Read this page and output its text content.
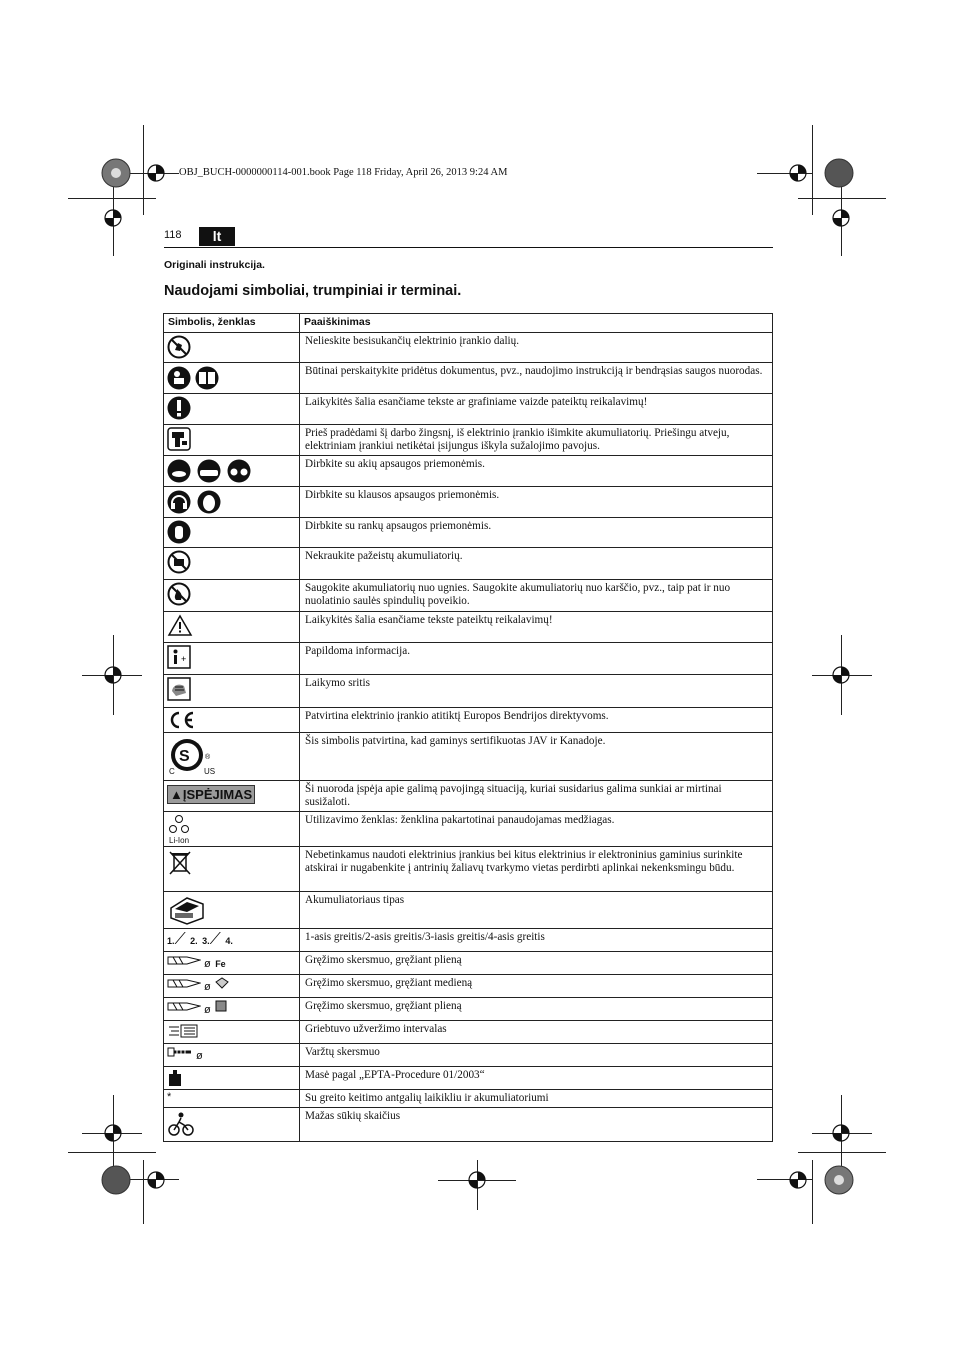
OBJ_BUCH-0000000114-001.book Page 118 Friday, April 26, 2013 9:24 AM
118	lt
Originali instrukcija.
Naudojami simboliai, trumpiniai ir terminai.
Simbolis, ženklas	Paaiškinimas
	Nelieskite besisukančių elektrinio įrankio dalių.
	Būtinai perskaitykite pridėtus dokumentus, pvz., naudojimo instrukciją ir bendrąsias saugos nuorodas.
	Laikykitės šalia esančiame tekste ar grafiniame vaizde pateiktų reikalavimų!
	Prieš pradėdami šį darbo žingsnį, iš elektrinio įrankio išimkite akumuliatorių. Priešingu atveju, elektriniam įrankiui netikėtai įsijungus iškyla sužalojimo pavojus.
	Dirbkite su akių apsaugos priemonėmis.
	Dirbkite su klausos apsaugos priemonėmis.
	Dirbkite su rankų apsaugos priemonėmis.
	Nekraukite pažeistų akumuliatorių.
	Saugokite akumuliatorių nuo ugnies. Saugokite akumuliatorių nuo karščio, pvz., taip pat ir nuo nuolatinio saulės spindulių poveikio.
	Laikykitės šalia esančiame tekste pateiktų reikalavimų!

+	Papildoma informacija.
	Laikymo sritis
	Patvirtina elektrinio įrankio atitiktį Europos Bendrijos direktyvoms.

S ®
C US	Šis simbolis patvirtina, kad gaminys sertifikuotas JAV ir Kanadoje.
▲ĮSPĖJIMAS	Ši nuoroda įspėja apie galimą pavojingą situaciją, kuriai susidarius galima sunkiai ar mirtinai susižaloti.

Li-Ion	Utilizavimo ženklas: ženklina pakartotinai panaudojamas medžiagas.
	Nebetinkamus naudoti elektrinius įrankius bei kitus elektrinius ir elektroninius gaminius surinkite atskirai ir nugabenkite į antrinių žaliavų tvarkymo vietas perdirbti aplinkai nekenksmingu būdu.
	Akumuliatoriaus tipas
1.⟋ 2. 3.⟋ 4.	1-asis greitis/2-asis greitis/3-iasis greitis/4-asis greitis
ø Fe	Gręžimo skersmuo, gręžiant plieną
ø	Gręžimo skersmuo, gręžiant medieną
ø	Gręžimo skersmuo, gręžiant plieną
	Griebtuvo užveržimo intervalas
ø	Varžtų skersmuo
	Masė pagal „EPTA-Procedure 01/2003“
*	Su greito keitimo antgalių laikikliu ir akumuliatoriumi
	Mažas sūkių skaičius
